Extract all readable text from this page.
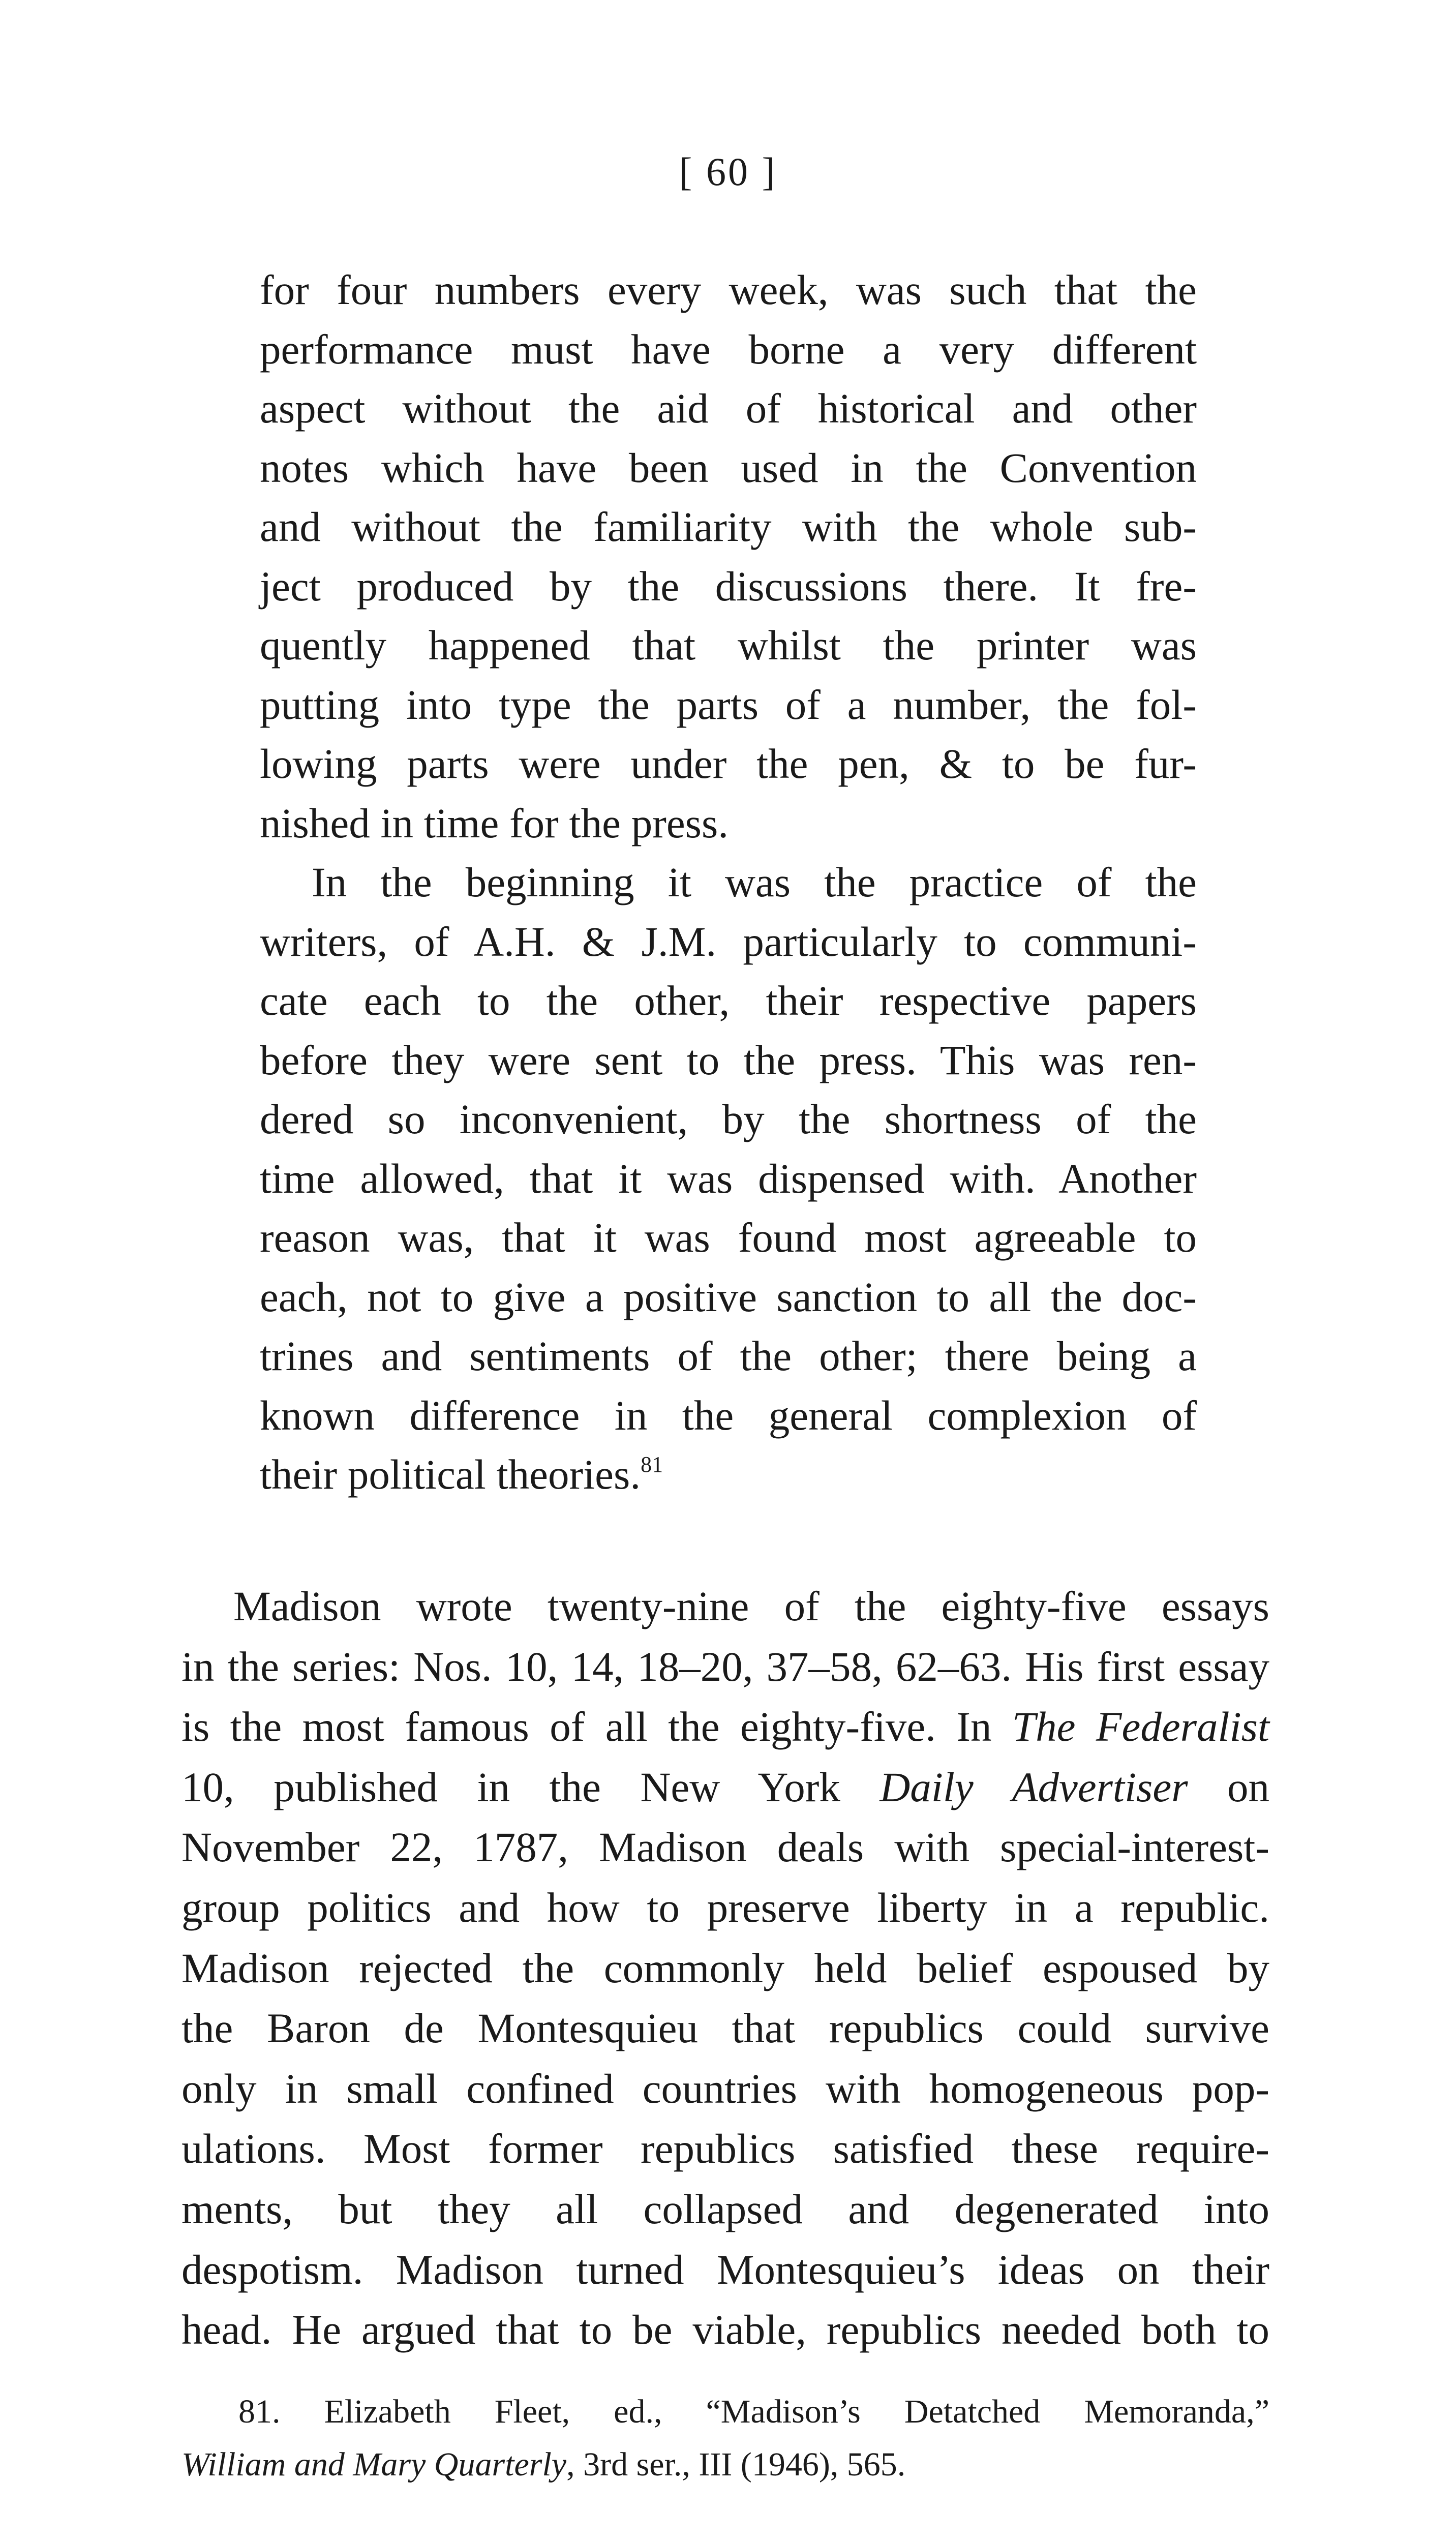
[ 60 ]
for four numbers every week, was such that the
performance must have borne a very different
aspect without the aid of historical and other
notes which have been used in the Convention
and without the familiarity with the whole sub-
ject produced by the discussions there. It fre-
quently happened that whilst the printer was
putting into type the parts of a number, the fol-
lowing parts were under the pen, & to be fur-
nished in time for the press.
In the beginning it was the practice of the
writers, of A.H. & J.M. particularly to communi-
cate each to the other, their respective papers
before they were sent to the press. This was ren-
dered so inconvenient, by the shortness of the
time allowed, that it was dispensed with. Another
reason was, that it was found most agreeable to
each, not to give a positive sanction to all the doc-
trines and sentiments of the other; there being a
known difference in the general complexion of
their political theories.$^{81}$
Madison wrote twenty-nine of the eighty-five essays
in the series: Nos. 10, 14, 18–20, 37–58, 62–63. His first essay
is the most famous of all the eighty-five. In The Federalist
10, published in the New York Daily Advertiser on
November 22, 1787, Madison deals with special-interest-
group politics and how to preserve liberty in a republic.
Madison rejected the commonly held belief espoused by
the Baron de Montesquieu that republics could survive
only in small confined countries with homogeneous pop-
ulations. Most former republics satisfied these require-
ments, but they all collapsed and degenerated into
despotism. Madison turned Montesquieu’s ideas on their
head. He argued that to be viable, republics needed both to
81. Elizabeth Fleet, ed., “Madison’s Detatched Memoranda,”
William and Mary Quarterly, 3rd ser., III (1946), 565.
